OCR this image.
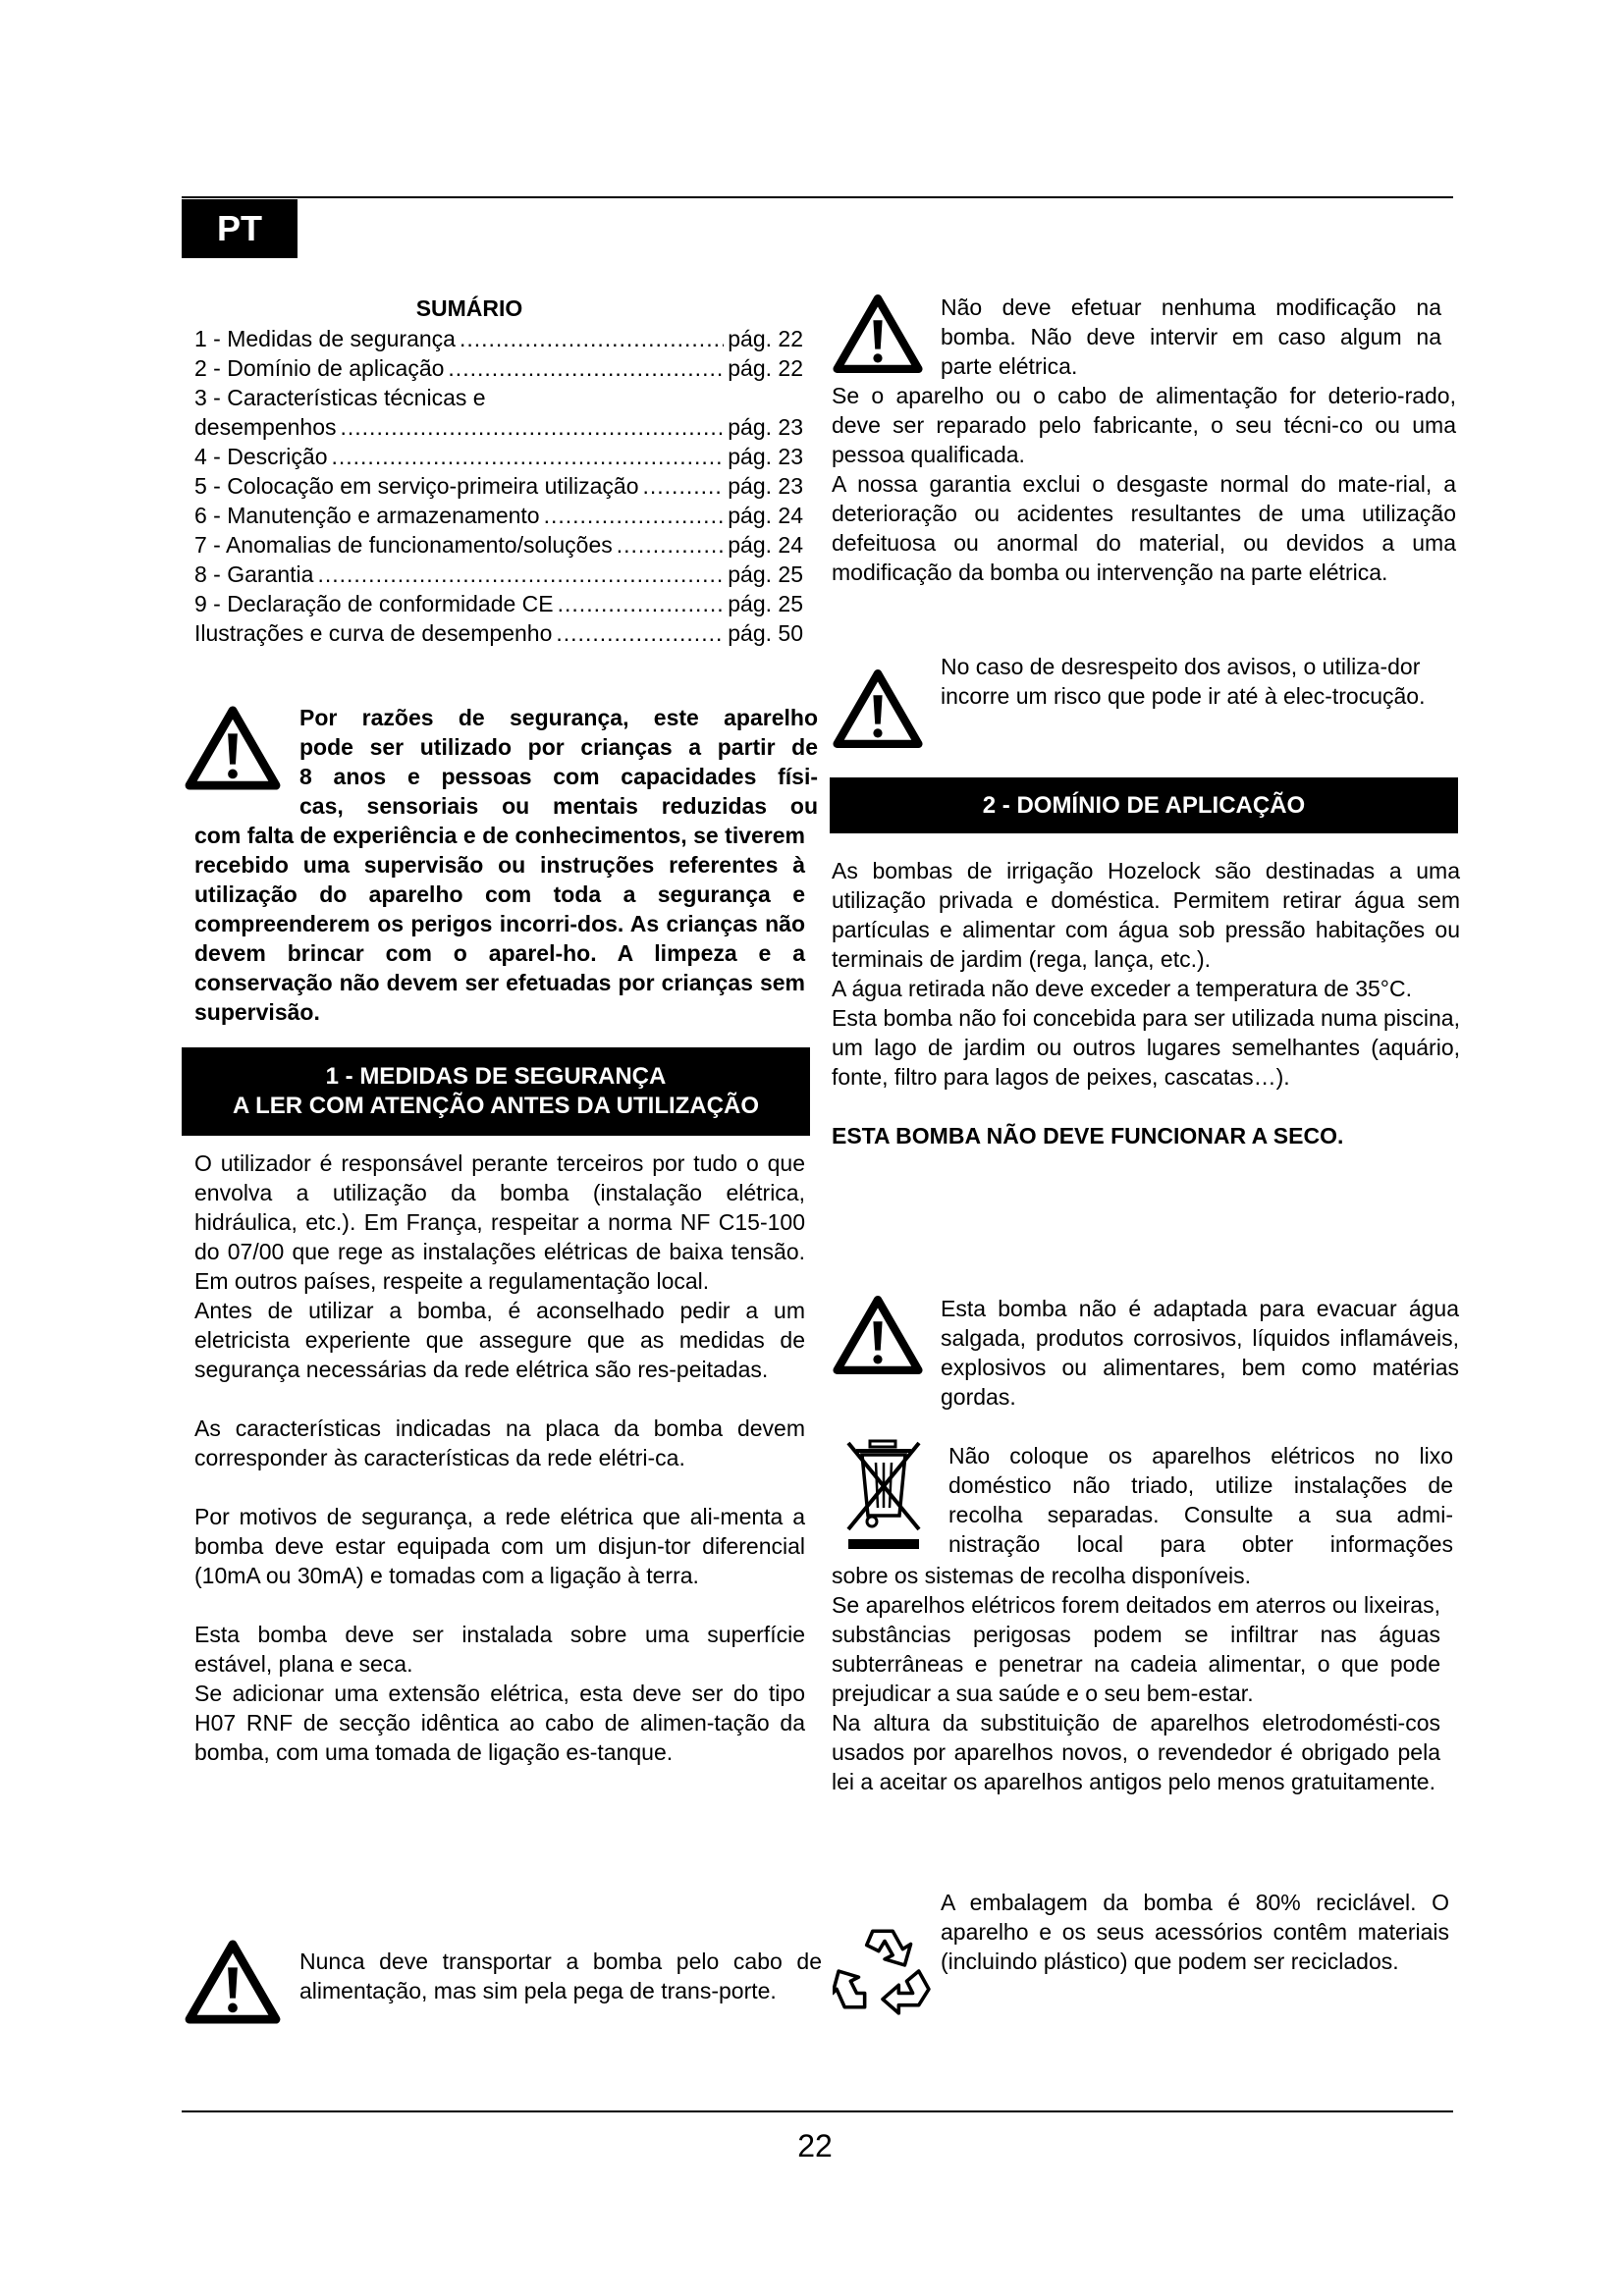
PT
SUMÁRIO
1 - Medidas de segurança .....	pág. 22
2 - Domínio de aplicação .....	pág. 22
3 - Características técnicas e
desempenhos .....	pág. 23
4 - Descrição .....	pág. 23
5 - Colocação em serviço-primeira utilização .....	pág. 23
6 - Manutenção e armazenamento .....	pág. 24
7 - Anomalias de funcionamento/soluções .....	pág. 24
8 - Garantia .....	pág. 25
9 - Declaração de conformidade CE .....	pág. 25
Ilustrações e curva de desempenho .....	pág. 50
Por razões de segurança, este aparelho
pode ser utilizado por crianças a partir de
8 anos e pessoas com capacidades físi-
cas, sensoriais ou mentais reduzidas ou
com falta de experiência e de conhecimentos, se tiverem recebido uma supervisão ou instruções referentes à utilização do aparelho com toda a segurança e compreenderem os perigos incorri-dos. As crianças não devem brincar com o aparel-ho. A limpeza e a conservação não devem ser efetuadas por crianças sem supervisão.
1 - MEDIDAS DE SEGURANÇA
A LER COM ATENÇÃO ANTES DA UTILIZAÇÃO
O utilizador é responsável perante terceiros por tudo o que envolva a utilização da bomba (instalação elétrica, hidráulica, etc.). Em França, respeitar a norma NF C15-100 do 07/00 que rege as instalações elétricas de baixa tensão. Em outros países, respeite a regulamentação local.
Antes de utilizar a bomba, é aconselhado pedir a um eletricista experiente que assegure que as medidas de segurança necessárias da rede elétrica são res-peitadas.
As características indicadas na placa da bomba devem corresponder às características da rede elétri-ca.
Por motivos de segurança, a rede elétrica que ali-menta a bomba deve estar equipada com um disjun-tor diferencial (10mA ou 30mA) e tomadas com a ligação à terra.
Esta bomba deve ser instalada sobre uma superfície estável, plana e seca.
Se adicionar uma extensão elétrica, esta deve ser do tipo H07 RNF de secção idêntica ao cabo de alimen-tação da bomba, com uma tomada de ligação es-tanque.
Nunca deve transportar a bomba pelo cabo de alimentação, mas sim pela pega de trans-porte.
Não deve efetuar nenhuma modificação na bomba. Não deve intervir em caso algum na parte elétrica.
Se o aparelho ou o cabo de alimentação for deterio-rado, deve ser reparado pelo fabricante, o seu técni-co ou uma pessoa qualificada.
A nossa garantia exclui o desgaste normal do mate-rial, a deterioração ou acidentes resultantes de uma utilização defeituosa ou anormal do material, ou devidos a uma modificação da bomba ou intervenção na parte elétrica.
No caso de desrespeito dos avisos, o utiliza-dor incorre um risco que pode ir até à elec-trocução.
2 - DOMÍNIO DE APLICAÇÃO
As bombas de irrigação Hozelock são destinadas a uma utilização privada e doméstica. Permitem retirar água sem partículas e alimentar com água sob pressão habitações ou terminais de jardim (rega, lança, etc.).
A água retirada não deve exceder a temperatura de 35°C.
Esta bomba não foi concebida para ser utilizada numa piscina, um lago de jardim ou outros lugares semelhantes (aquário, fonte, filtro para lagos de peixes, cascatas…).
ESTA BOMBA NÃO DEVE FUNCIONAR A SECO.
Esta bomba não é adaptada para evacuar água salgada, produtos corrosivos, líquidos inflamáveis, explosivos ou alimentares, bem como matérias gordas.
Não coloque os aparelhos elétricos no lixo
doméstico não triado, utilize instalações de
recolha separadas. Consulte a sua admi-
nistração local para obter informações
sobre os sistemas de recolha disponíveis.
Se aparelhos elétricos forem deitados em aterros ou lixeiras, substâncias perigosas podem se infiltrar nas águas subterrâneas e penetrar na cadeia alimentar, o que pode prejudicar a sua saúde e o seu bem-estar.
Na altura da substituição de aparelhos eletrodomésti-cos usados por aparelhos novos, o revendedor é obrigado pela lei a aceitar os aparelhos antigos pelo menos gratuitamente.
A embalagem da bomba é 80% reciclável. O aparelho e os seus acessórios contêm materiais (incluindo plástico) que podem ser reciclados.
22
